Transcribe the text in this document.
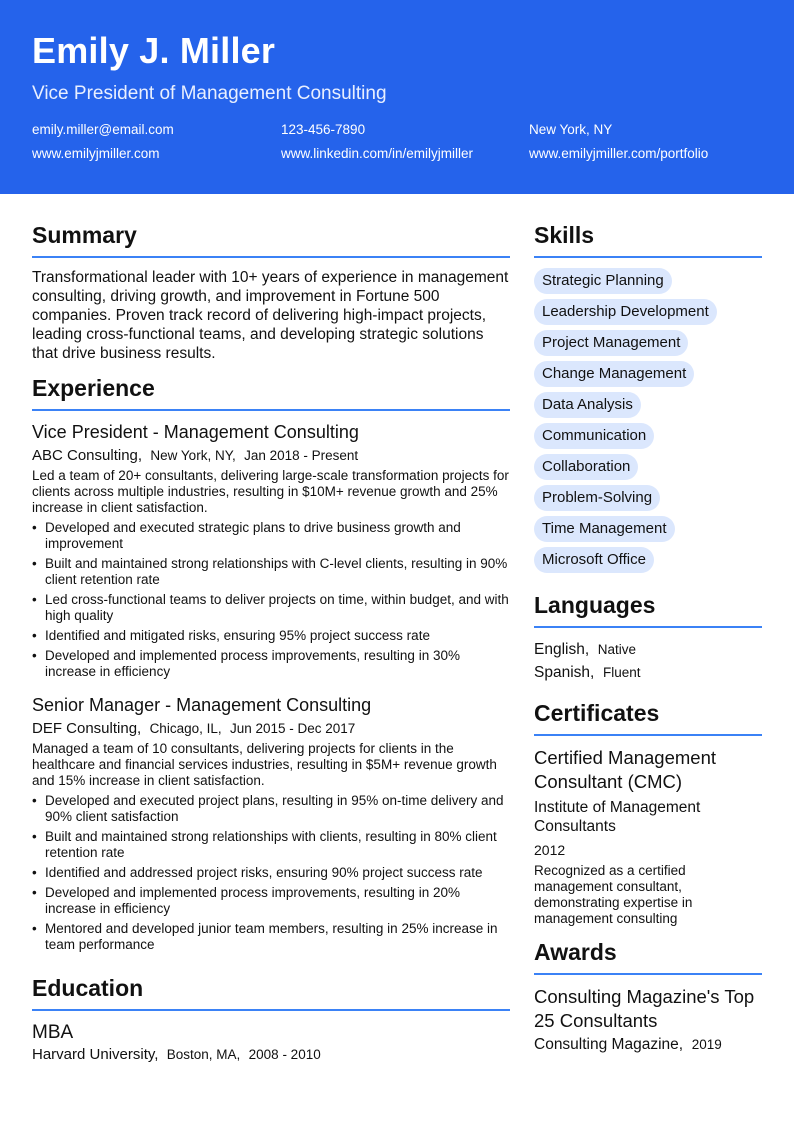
Emily J. Miller
Vice President of Management Consulting
emily.miller@email.com	123-456-7890	New York, NY
www.emilyjmiller.com	www.linkedin.com/in/emilyjmiller	www.emilyjmiller.com/portfolio
Summary
Transformational leader with 10+ years of experience in management consulting, driving growth, and improvement in Fortune 500 companies. Proven track record of delivering high-impact projects, leading cross-functional teams, and developing strategic solutions that drive business results.
Experience
Vice President - Management Consulting
ABC Consulting, New York, NY, Jan 2018 - Present
Led a team of 20+ consultants, delivering large-scale transformation projects for clients across multiple industries, resulting in $10M+ revenue growth and 25% increase in client satisfaction.
• Developed and executed strategic plans to drive business growth and improvement
• Built and maintained strong relationships with C-level clients, resulting in 90% client retention rate
• Led cross-functional teams to deliver projects on time, within budget, and with high quality
• Identified and mitigated risks, ensuring 95% project success rate
• Developed and implemented process improvements, resulting in 30% increase in efficiency
Senior Manager - Management Consulting
DEF Consulting, Chicago, IL, Jun 2015 - Dec 2017
Managed a team of 10 consultants, delivering projects for clients in the healthcare and financial services industries, resulting in $5M+ revenue growth and 15% increase in client satisfaction.
• Developed and executed project plans, resulting in 95% on-time delivery and 90% client satisfaction
• Built and maintained strong relationships with clients, resulting in 80% client retention rate
• Identified and addressed project risks, ensuring 90% project success rate
• Developed and implemented process improvements, resulting in 20% increase in efficiency
• Mentored and developed junior team members, resulting in 25% increase in team performance
Education
MBA
Harvard University, Boston, MA, 2008 - 2010
Skills
Strategic Planning
Leadership Development
Project Management
Change Management
Data Analysis
Communication
Collaboration
Problem-Solving
Time Management
Microsoft Office
Languages
English, Native
Spanish, Fluent
Certificates
Certified Management Consultant (CMC)
Institute of Management Consultants
2012
Recognized as a certified management consultant, demonstrating expertise in management consulting
Awards
Consulting Magazine's Top 25 Consultants
Consulting Magazine, 2019
